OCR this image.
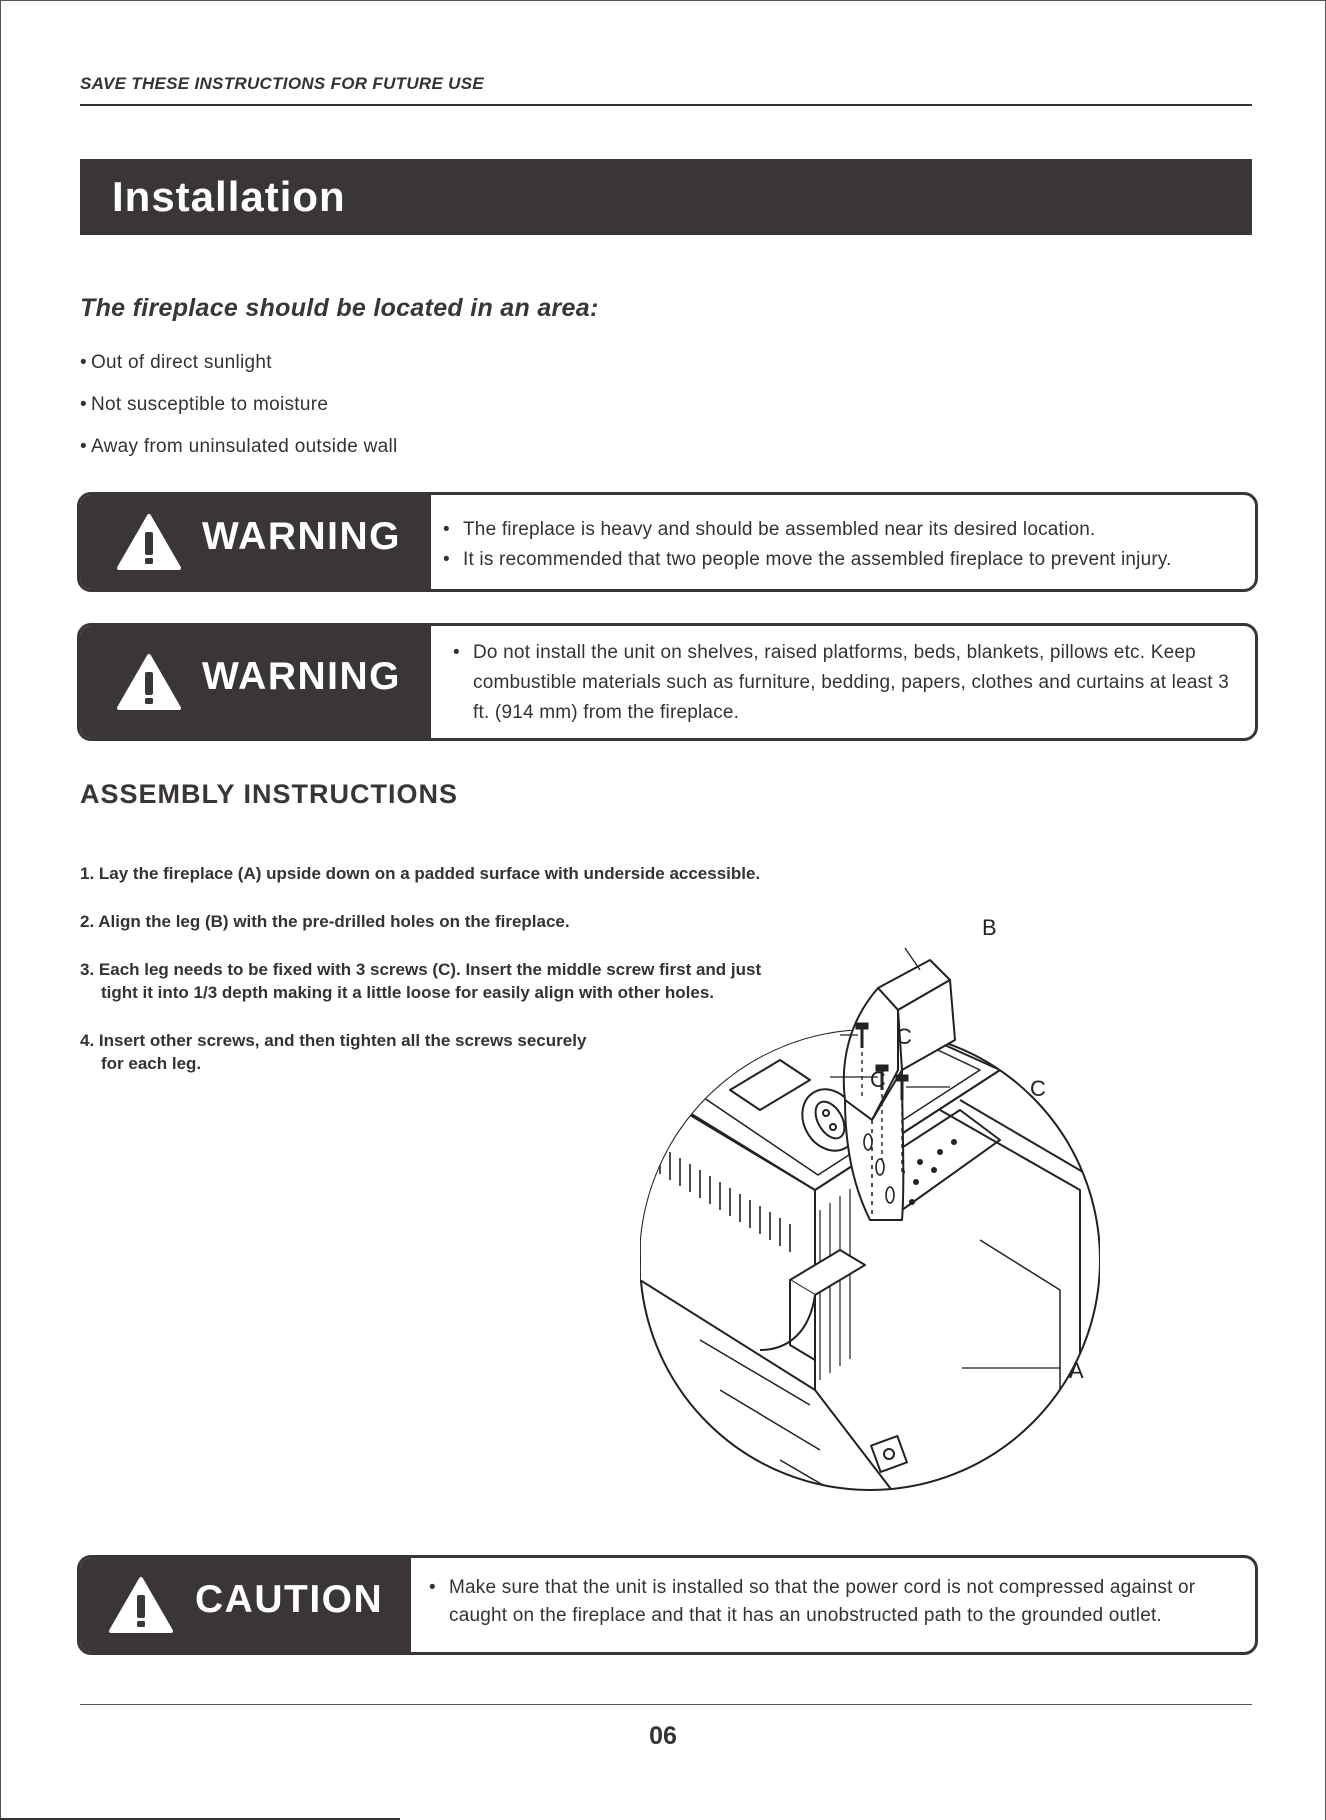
SAVE THESE INSTRUCTIONS FOR FUTURE USE
Installation
The fireplace should be located in an area:
• Out of direct sunlight
• Not susceptible to moisture
• Away from uninsulated outside wall
WARNING	• The fireplace is heavy and should be assembled near its desired location.
• It is recommended that two people move the assembled fireplace to prevent injury.
WARNING
• Do not install the unit on shelves, raised platforms, beds, blankets, pillows etc. Keep combustible materials such as furniture, bedding, papers, clothes and curtains at least 3 ft. (914 mm) from the fireplace.
ASSEMBLY INSTRUCTIONS
1. Lay the fireplace (A) upside down on a padded surface with underside accessible.
2. Align the leg (B) with the pre-drilled holes on the fireplace.
3. Each leg needs to be fixed with 3 screws (C). Insert the middle screw first and just tight it into 1/3 depth making it a little loose for easily align with other holes.
4. Insert other screws, and then tighten all the screws securely for each leg.
B
C
C	C
A
CAUTION	• Make sure that the unit is installed so that the power cord is not compressed against or caught on the fireplace and that it has an unobstructed path to the grounded outlet.
06
